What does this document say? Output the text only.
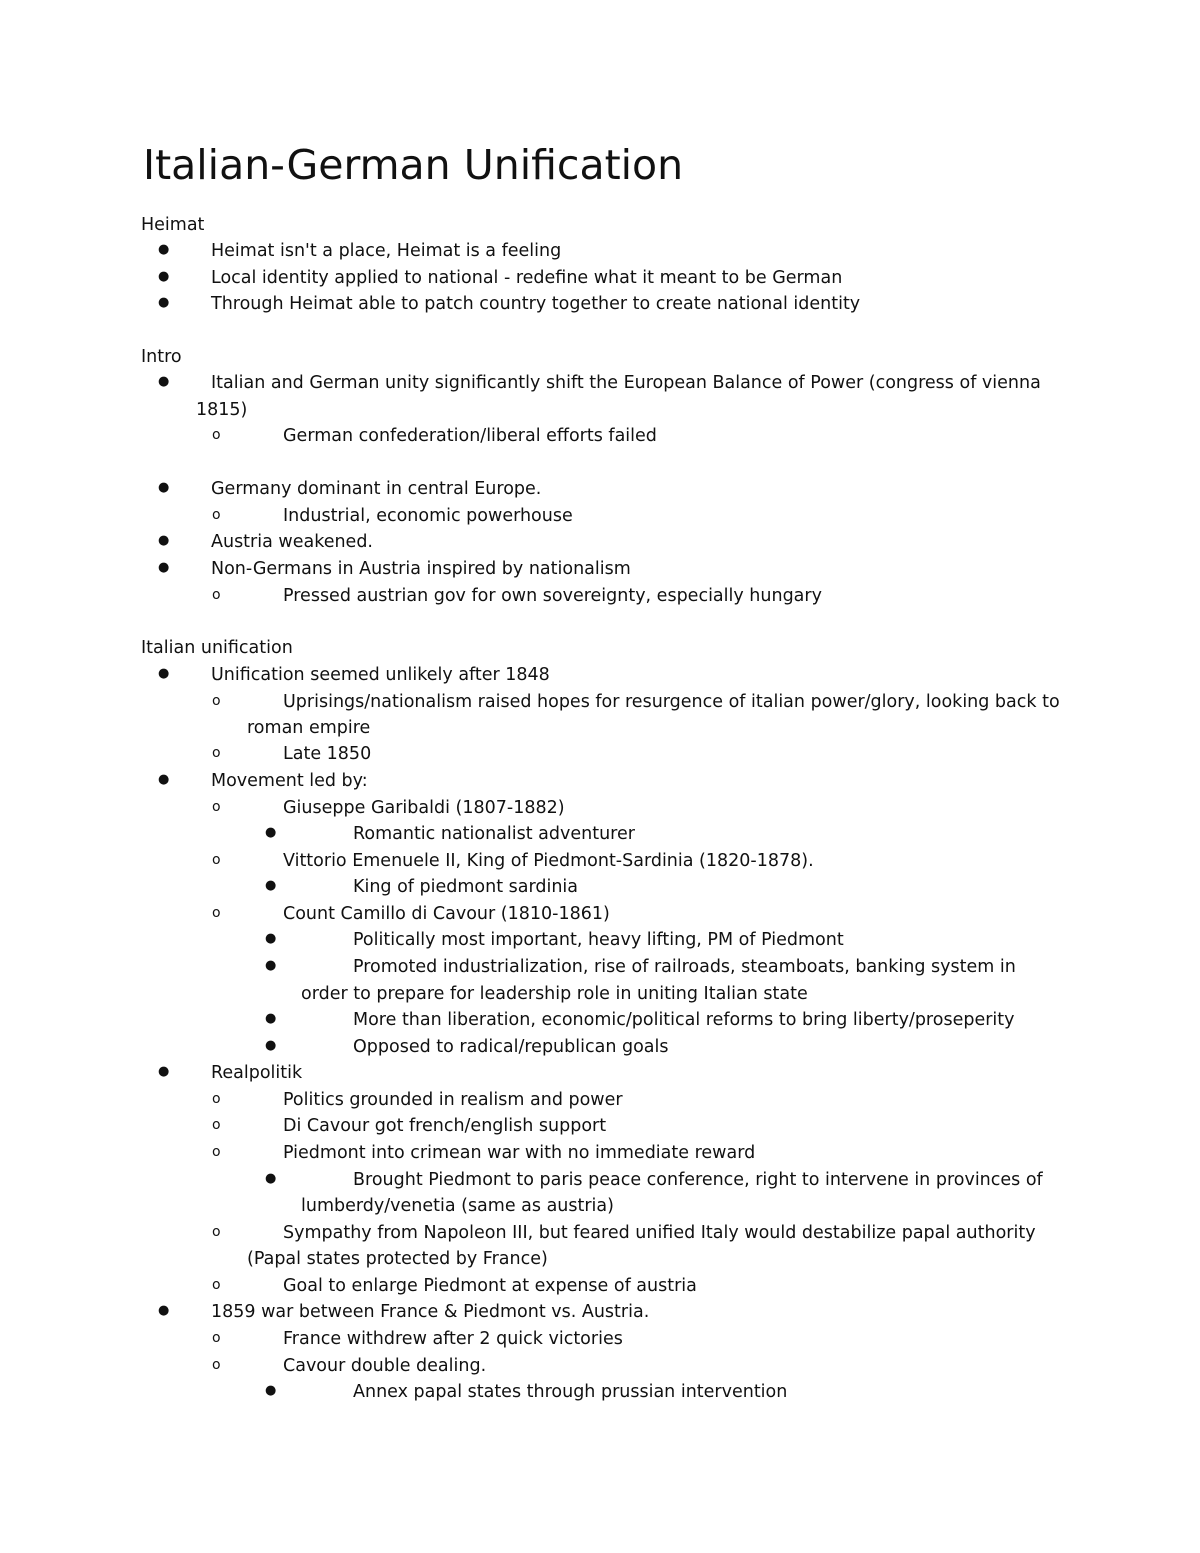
Italian-German Unification
Heimat
●
Heimat isn't a place, Heimat is a feeling
●
Local identity applied to national - redefine what it meant to be German
●
Through Heimat able to patch country together to create national identity
Intro
●
Italian and German unity significantly shift the European Balance of Power (congress of vienna
1815)
o
German confederation/liberal efforts failed
●
Germany dominant in central Europe.
o
Industrial, economic powerhouse
●
Austria weakened.
●
Non-Germans in Austria inspired by nationalism
o
Pressed austrian gov for own sovereignty, especially hungary
Italian unification
●
Unification seemed unlikely after 1848
o
Uprisings/nationalism raised hopes for resurgence of italian power/glory, looking back to
roman empire
o
Late 1850
●
Movement led by:
o
Giuseppe Garibaldi (1807-1882)
●
Romantic nationalist adventurer
o
Vittorio Emenuele II, King of Piedmont-Sardinia (1820-1878).
●
King of piedmont sardinia
o
Count Camillo di Cavour (1810-1861)
●
Politically most important, heavy lifting, PM of Piedmont
●
Promoted industrialization, rise of railroads, steamboats, banking system in
order to prepare for leadership role in uniting Italian state
●
More than liberation, economic/political reforms to bring liberty/proseperity
●
Opposed to radical/republican goals
●
Realpolitik
o
Politics grounded in realism and power
o
Di Cavour got french/english support
o
Piedmont into crimean war with no immediate reward
●
Brought Piedmont to paris peace conference, right to intervene in provinces of
lumberdy/venetia (same as austria)
o
Sympathy from Napoleon III, but feared unified Italy would destabilize papal authority
(Papal states protected by France)
o
Goal to enlarge Piedmont at expense of austria
●
1859 war between France & Piedmont vs. Austria.
o
France withdrew after 2 quick victories
o
Cavour double dealing.
●
Annex papal states through prussian intervention
